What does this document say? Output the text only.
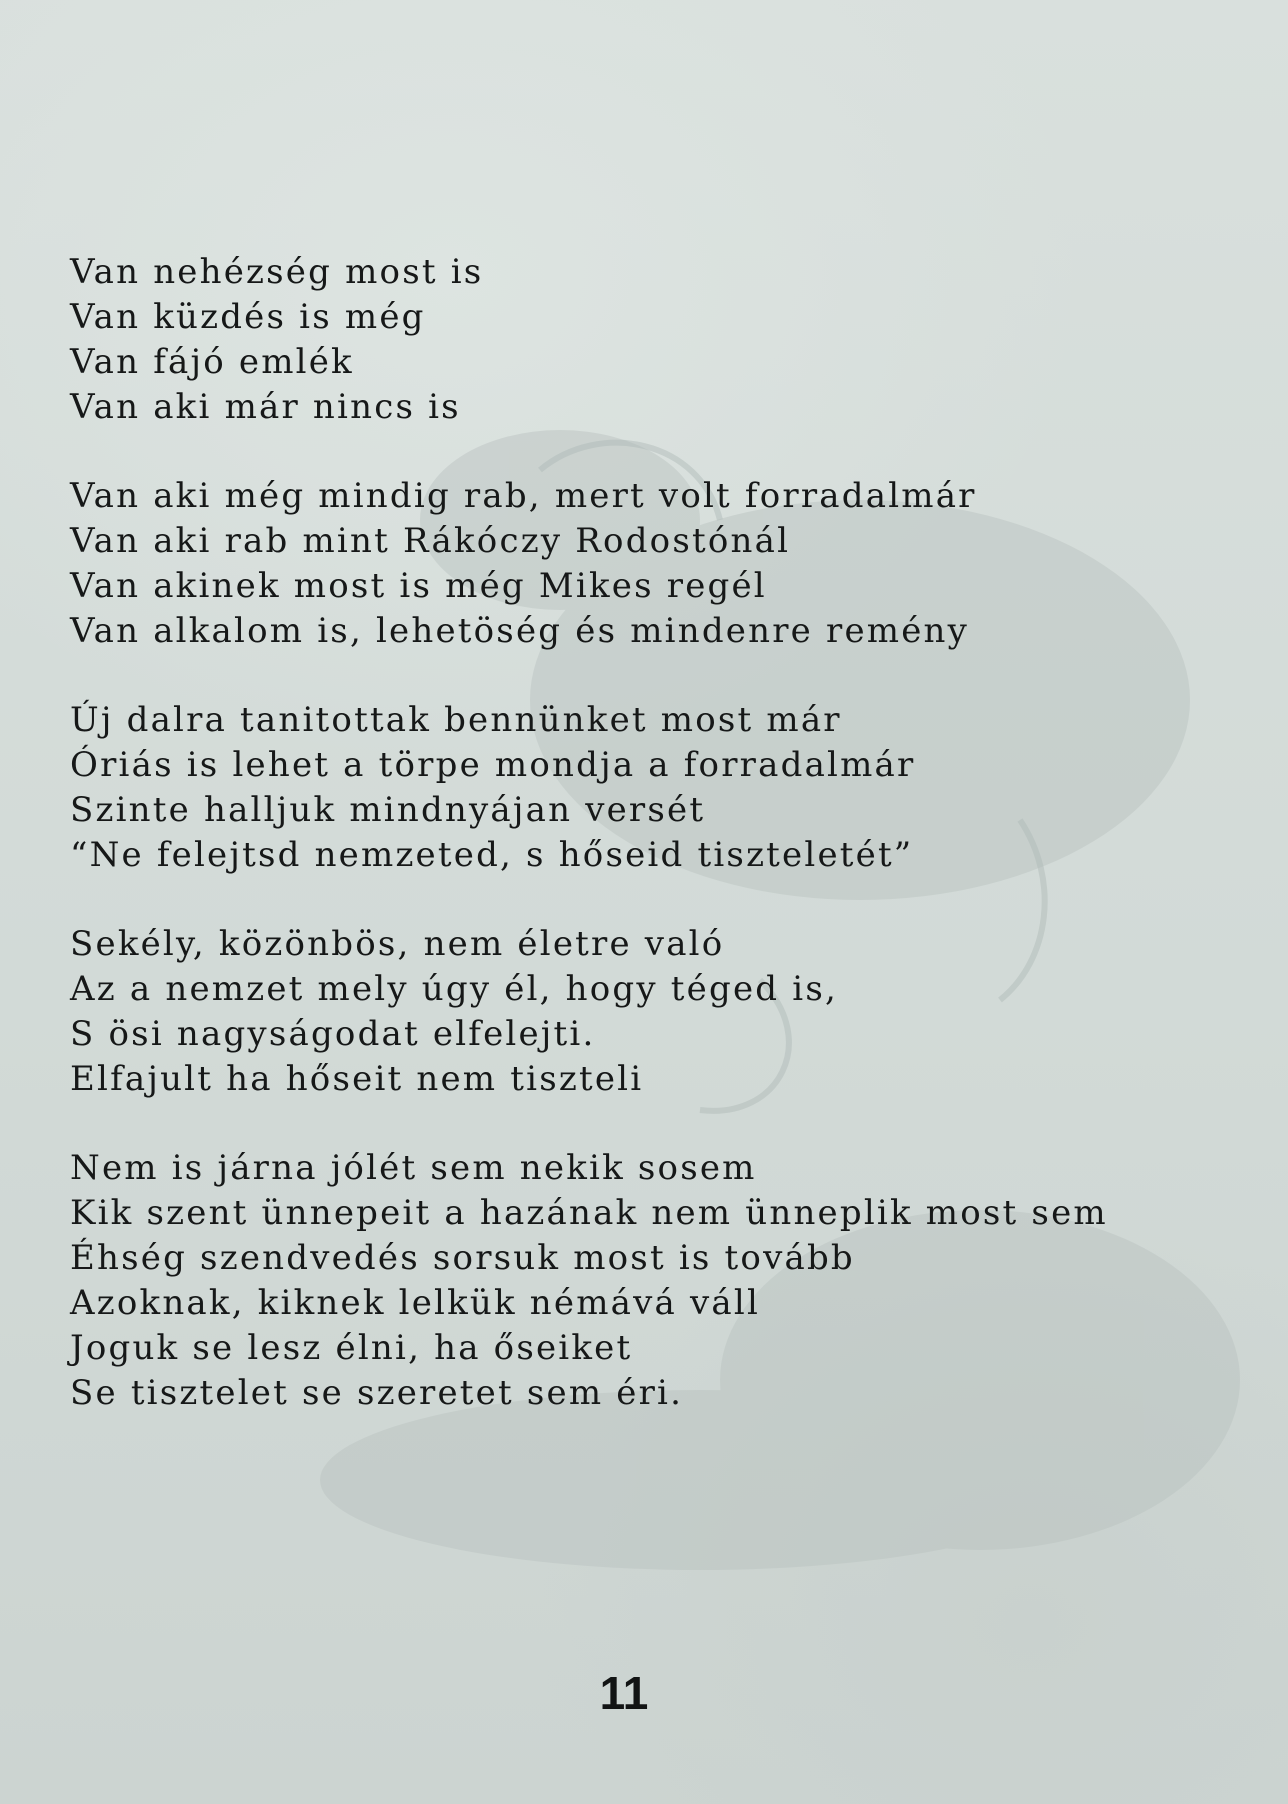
Van nehézség most is
Van küzdés is még
Van fájó emlék
Van aki már nincs is
Van aki még mindig rab, mert volt forradalmár
Van aki rab mint Rákóczy Rodostónál
Van akinek most is még Mikes regél
Van alkalom is, lehetöség és mindenre remény
Új dalra tanitottak bennünket most már
Óriás is lehet a törpe mondja a forradalmár
Szinte halljuk mindnyájan versét
“Ne felejtsd nemzeted, s hőseid tiszteletét”
Sekély, közönbös, nem életre való
Az a nemzet mely úgy él, hogy téged is,
S ösi nagyságodat elfelejti.
Elfajult ha hőseit nem tiszteli
Nem is járna jólét sem nekik sosem
Kik szent ünnepeit a hazának nem ünneplik most sem
Éhség szendvedés sorsuk most is tovább
Azoknak, kiknek lelkük némává váll
Joguk se lesz élni, ha őseiket
Se tisztelet se szeretet sem éri.
11
